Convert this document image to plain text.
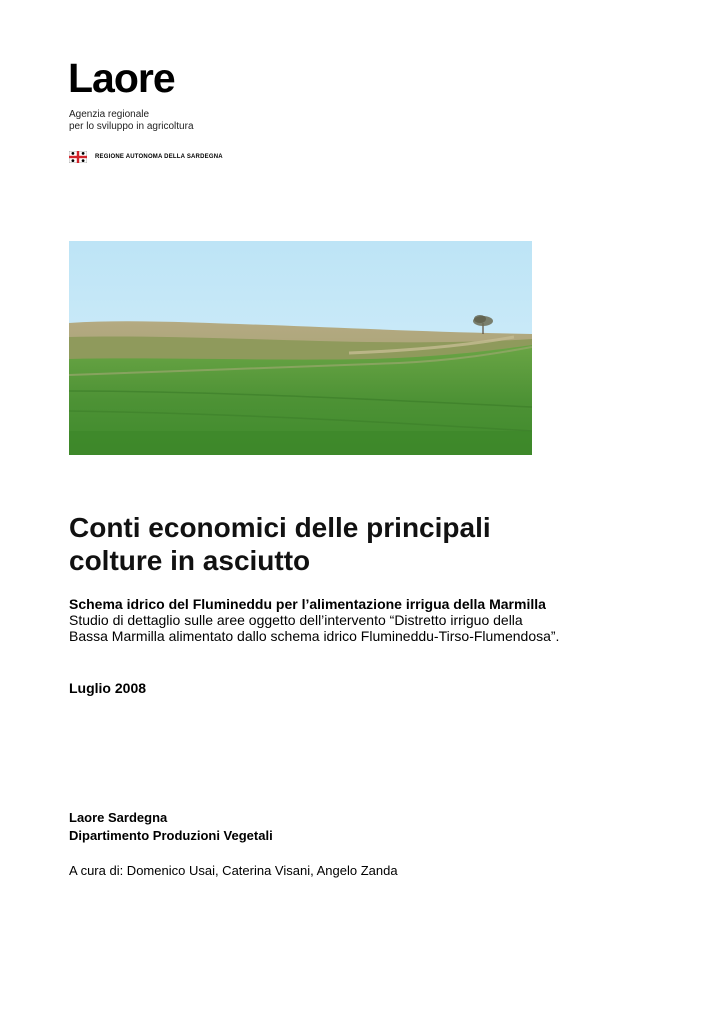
Laore
Agenzia regionale
per lo sviluppo in agricoltura
REGIONE AUTONOMA DELLA SARDEGNA
Conti economici delle principali
colture in asciutto
Schema idrico del Flumineddu per l’alimentazione irrigua della Marmilla
Studio di dettaglio sulle aree oggetto dell’intervento “Distretto irriguo della
Bassa Marmilla alimentato dallo schema idrico Flumineddu-Tirso-Flumendosa”.
Luglio 2008
Laore Sardegna
Dipartimento Produzioni Vegetali
A cura di: Domenico Usai, Caterina Visani, Angelo Zanda
